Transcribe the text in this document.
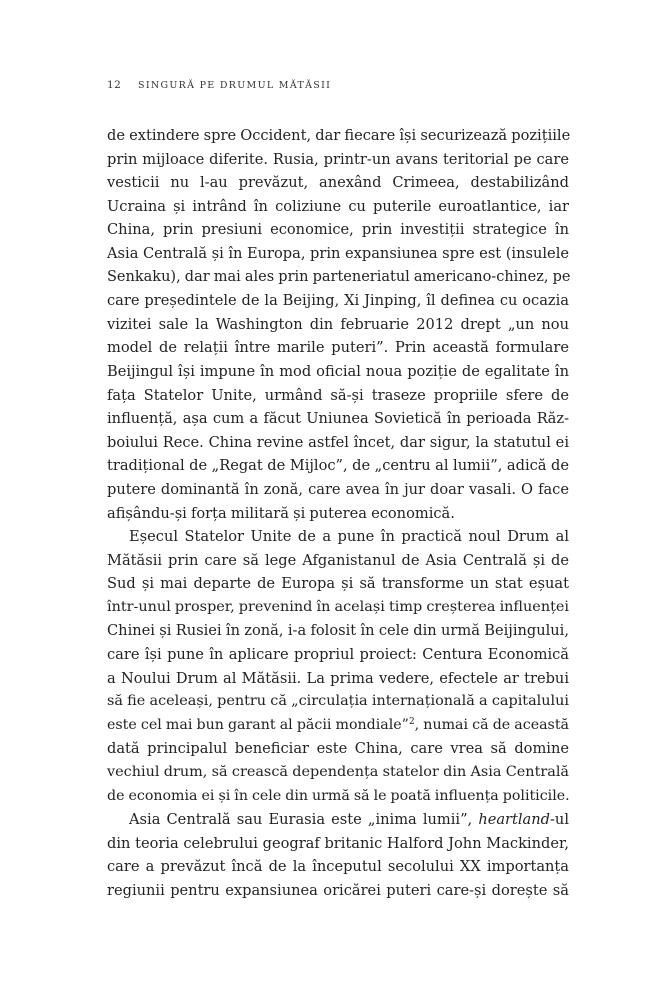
12 SINGURĂ PE DRUMUL MĂTĂSII
de extindere spre Occident, dar fiecare își securizează pozițiile
prin mijloace diferite. Rusia, printr-un avans teritorial pe care
vesticii nu l-au prevăzut, anexând Crimeea, destabilizând
Ucraina și intrând în coliziune cu puterile euroatlantice, iar
China, prin presiuni economice, prin investiții strategice în
Asia Centrală și în Europa, prin expansiunea spre est (insulele
Senkaku), dar mai ales prin parteneriatul americano-chinez, pe
care președintele de la Beijing, Xi Jinping, îl definea cu ocazia
vizitei sale la Washington din februarie 2012 drept „un nou
model de relații între marile puteri”. Prin această formulare
Beijingul își impune în mod oficial noua poziție de egalitate în
fața Statelor Unite, urmând să-și traseze propriile sfere de
influență, așa cum a făcut Uniunea Sovietică în perioada Răz-
boiului Rece. China revine astfel încet, dar sigur, la statutul ei
tradițional de „Regat de Mijloc”, de „centru al lumii”, adică de
putere dominantă în zonă, care avea în jur doar vasali. O face
afișându-și forța militară și puterea economică.
Eșecul Statelor Unite de a pune în practică noul Drum al
Mătăsii prin care să lege Afganistanul de Asia Centrală și de
Sud și mai departe de Europa și să transforme un stat eșuat
într-unul prosper, prevenind în același timp creșterea influenței
Chinei și Rusiei în zonă, i-a folosit în cele din urmă Beijingului,
care își pune în aplicare propriul proiect: Centura Economică
a Noului Drum al Mătăsii. La prima vedere, efectele ar trebui
să fie aceleași, pentru că „circulația internațională a capitalului
este cel mai bun garant al păcii mondiale”$^2$, numai că de această
dată principalul beneficiar este China, care vrea să domine
vechiul drum, să crească dependența statelor din Asia Centrală
de economia ei și în cele din urmă să le poată influența politicile.
Asia Centrală sau Eurasia este „inima lumii”, heartland-ul
din teoria celebrului geograf britanic Halford John Mackinder,
care a prevăzut încă de la începutul secolului XX importanța
regiunii pentru expansiunea oricărei puteri care-și dorește să
